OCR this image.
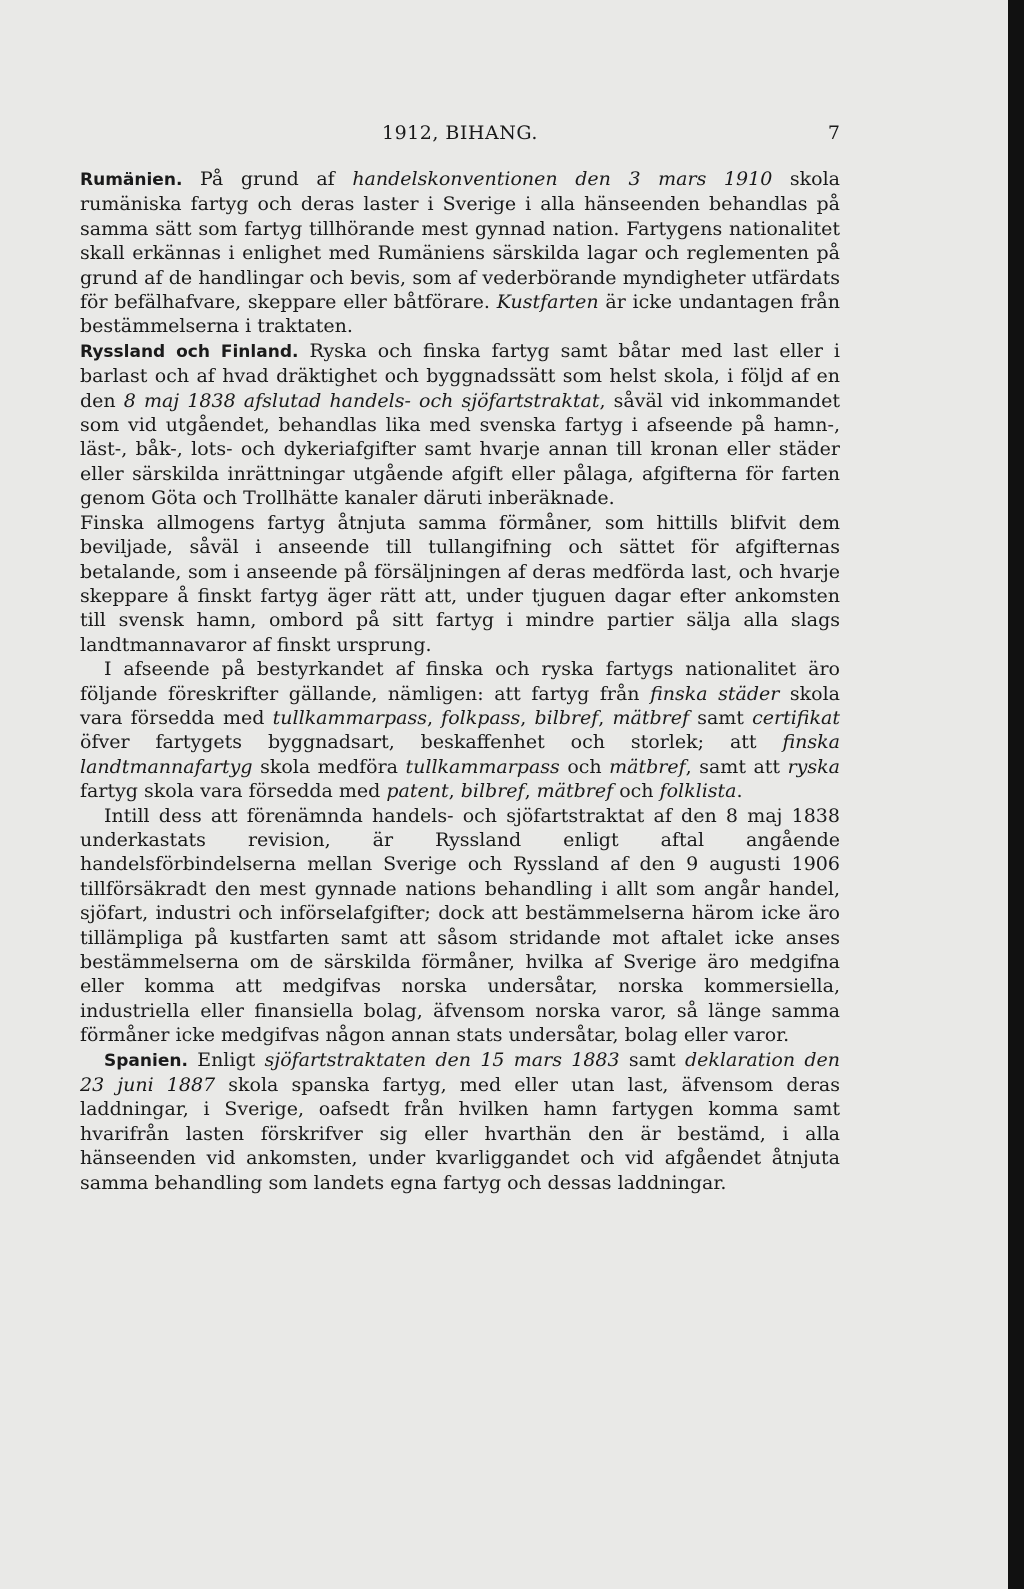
1912, BIHANG.	7

Rumänien. På grund af handelskonventionen den 3 mars 1910 skola rumäniska fartyg och deras laster i Sverige i alla hänseenden behandlas på samma sätt som fartyg tillhörande mest gynnad nation. Fartygens nationalitet skall erkännas i enlighet med Rumäniens särskilda lagar och reglementen på grund af de handlingar och bevis, som af vederbörande myndigheter utfärdats för befälhafvare, skeppare eller båtförare. Kustfarten är icke undantagen från bestämmelserna i traktaten.

Ryssland och Finland. Ryska och finska fartyg samt båtar med last eller i barlast och af hvad dräktighet och byggnadssätt som helst skola, i följd af en den 8 maj 1838 afslutad handels- och sjöfartstraktat, såväl vid inkommandet som vid utgåendet, behandlas lika med svenska fartyg i afseende på hamn-, läst-, båk-, lots- och dykeriafgifter samt hvarje annan till kronan eller städer eller särskilda inrättningar utgående afgift eller pålaga, afgifterna för farten genom Göta och Trollhätte kanaler däruti inberäknade.

Finska allmogens fartyg åtnjuta samma förmåner, som hittills blifvit dem beviljade, såväl i anseende till tullangifning och sättet för afgifternas betalande, som i anseende på försäljningen af deras medförda last, och hvarje skeppare å finskt fartyg äger rätt att, under tjuguen dagar efter ankomsten till svensk hamn, ombord på sitt fartyg i mindre partier sälja alla slags landtmannavaror af finskt ursprung.

I afseende på bestyrkandet af finska och ryska fartygs nationalitet äro följande föreskrifter gällande, nämligen: att fartyg från finska städer skola vara försedda med tullkammarpass, folkpass, bilbref, mätbref samt certifikat öfver fartygets byggnadsart, beskaffenhet och storlek; att finska landtmannafartyg skola medföra tullkammarpass och mätbref, samt att ryska fartyg skola vara försedda med patent, bilbref, mätbref och folklista.

Intill dess att förenämnda handels- och sjöfartstraktat af den 8 maj 1838 underkastats revision, är Ryssland enligt aftal angående handelsförbindelserna mellan Sverige och Ryssland af den 9 augusti 1906 tillförsäkradt den mest gynnade nations behandling i allt som angår handel, sjöfart, industri och införselafgifter; dock att bestämmelserna härom icke äro tillämpliga på kustfarten samt att såsom stridande mot aftalet icke anses bestämmelserna om de särskilda förmåner, hvilka af Sverige äro medgifna eller komma att medgifvas norska undersåtar, norska kommersiella, industriella eller finansiella bolag, äfvensom norska varor, så länge samma förmåner icke medgifvas någon annan stats undersåtar, bolag eller varor.

Spanien. Enligt sjöfartstraktaten den 15 mars 1883 samt deklaration den 23 juni 1887 skola spanska fartyg, med eller utan last, äfvensom deras laddningar, i Sverige, oafsedt från hvilken hamn fartygen komma samt hvarifrån lasten förskrifver sig eller hvarthän den är bestämd, i alla hänseenden vid ankomsten, under kvarliggandet och vid afgåendet åtnjuta samma behandling som landets egna fartyg och dessas laddningar.
